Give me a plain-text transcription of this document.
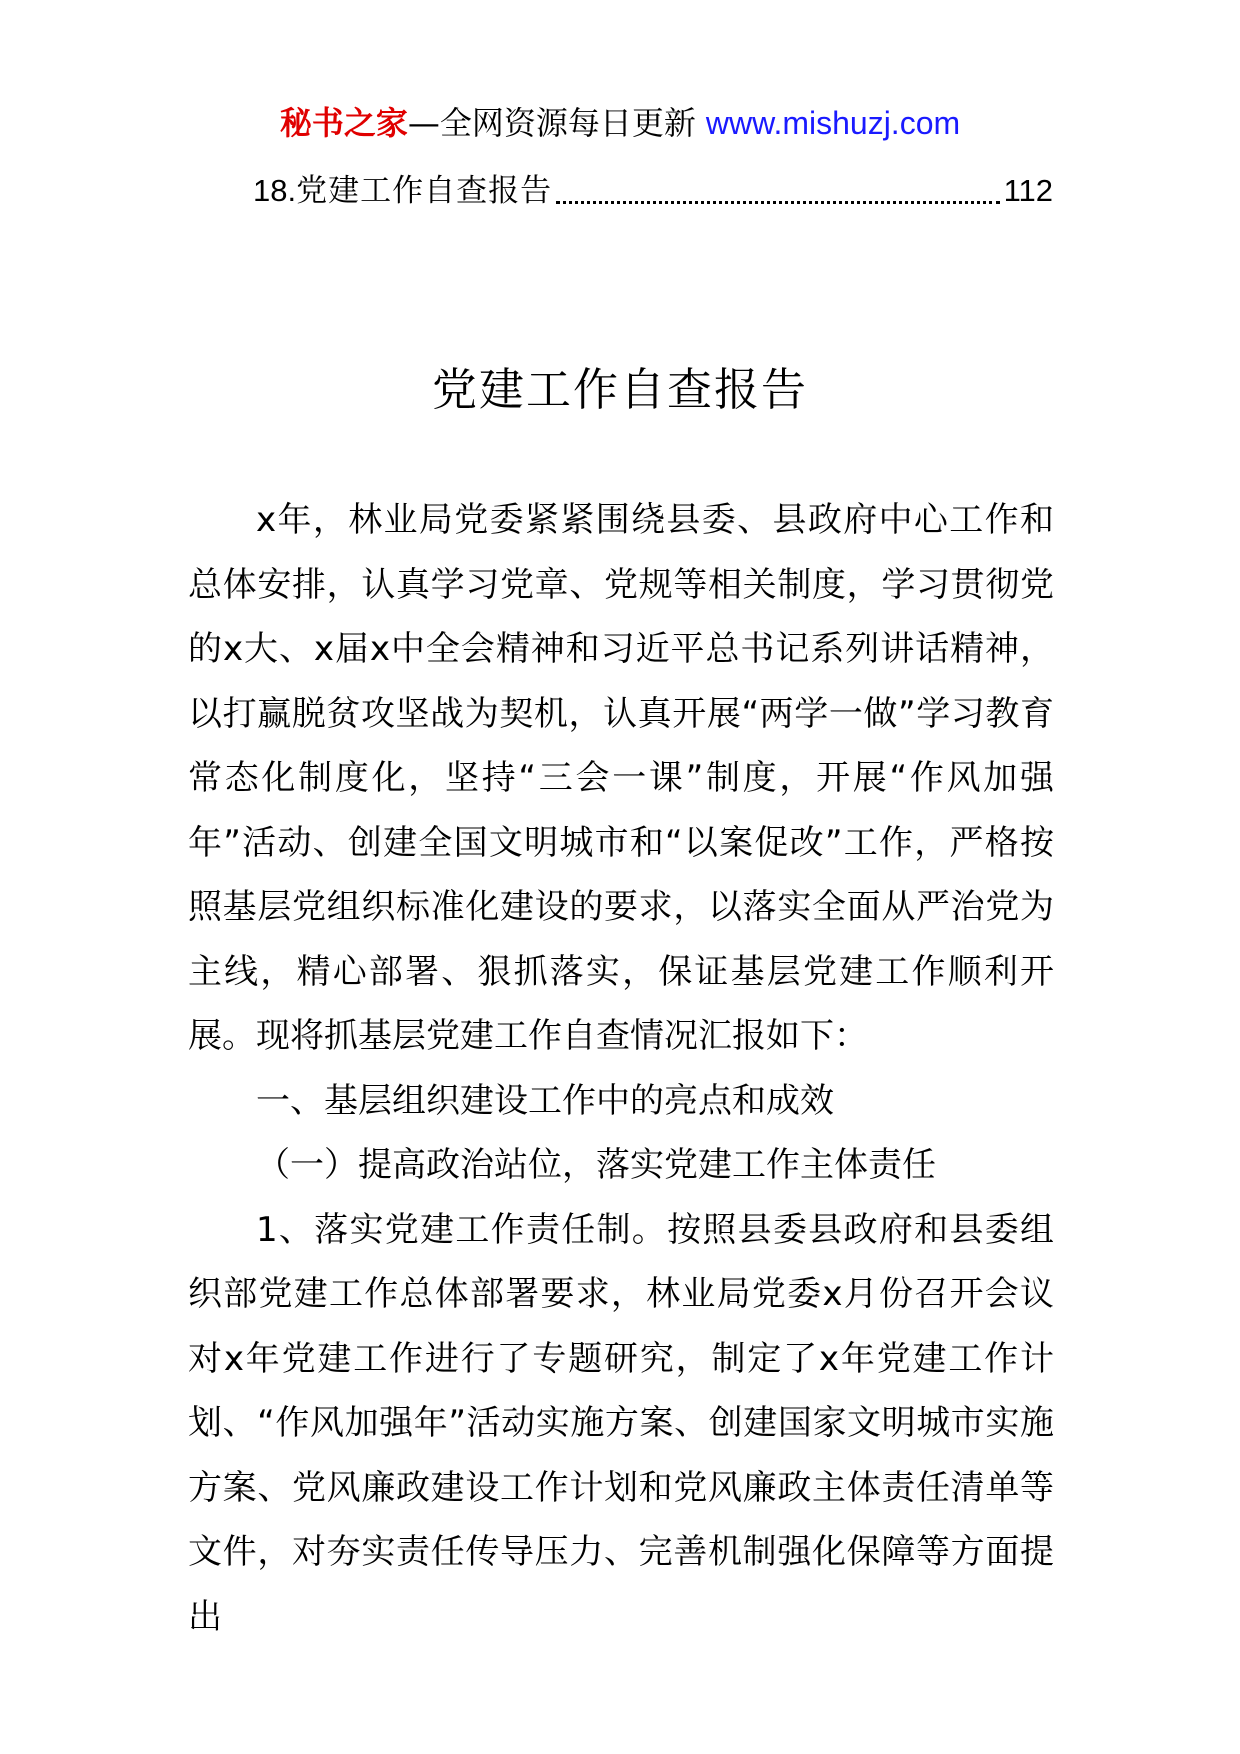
秘书之家—全网资源每日更新 www.mishuzj.com
18. 党建工作自查报告	112
党建工作自查报告

x年，林业局党委紧紧围绕县委、县政府中心工作和总体安排，认真学习党章、党规等相关制度，学习贯彻党的x大、x届x中全会精神和习近平总书记系列讲话精神，以打赢脱贫攻坚战为契机，认真开展“两学一做”学习教育常态化制度化，坚持“三会一课”制度，开展“作风加强年”活动、创建全国文明城市和“以案促改”工作，严格按照基层党组织标准化建设的要求，以落实全面从严治党为主线，精心部署、狠抓落实，保证基层党建工作顺利开展。现将抓基层党建工作自查情况汇报如下：

一、基层组织建设工作中的亮点和成效

（一）提高政治站位，落实党建工作主体责任

1、落实党建工作责任制。按照县委县政府和县委组织部党建工作总体部署要求，林业局党委x月份召开会议对x年党建工作进行了专题研究，制定了x年党建工作计划、“作风加强年”活动实施方案、创建国家文明城市实施方案、党风廉政建设工作计划和党风廉政主体责任清单等文件，对夯实责任传导压力、完善机制强化保障等方面提出
